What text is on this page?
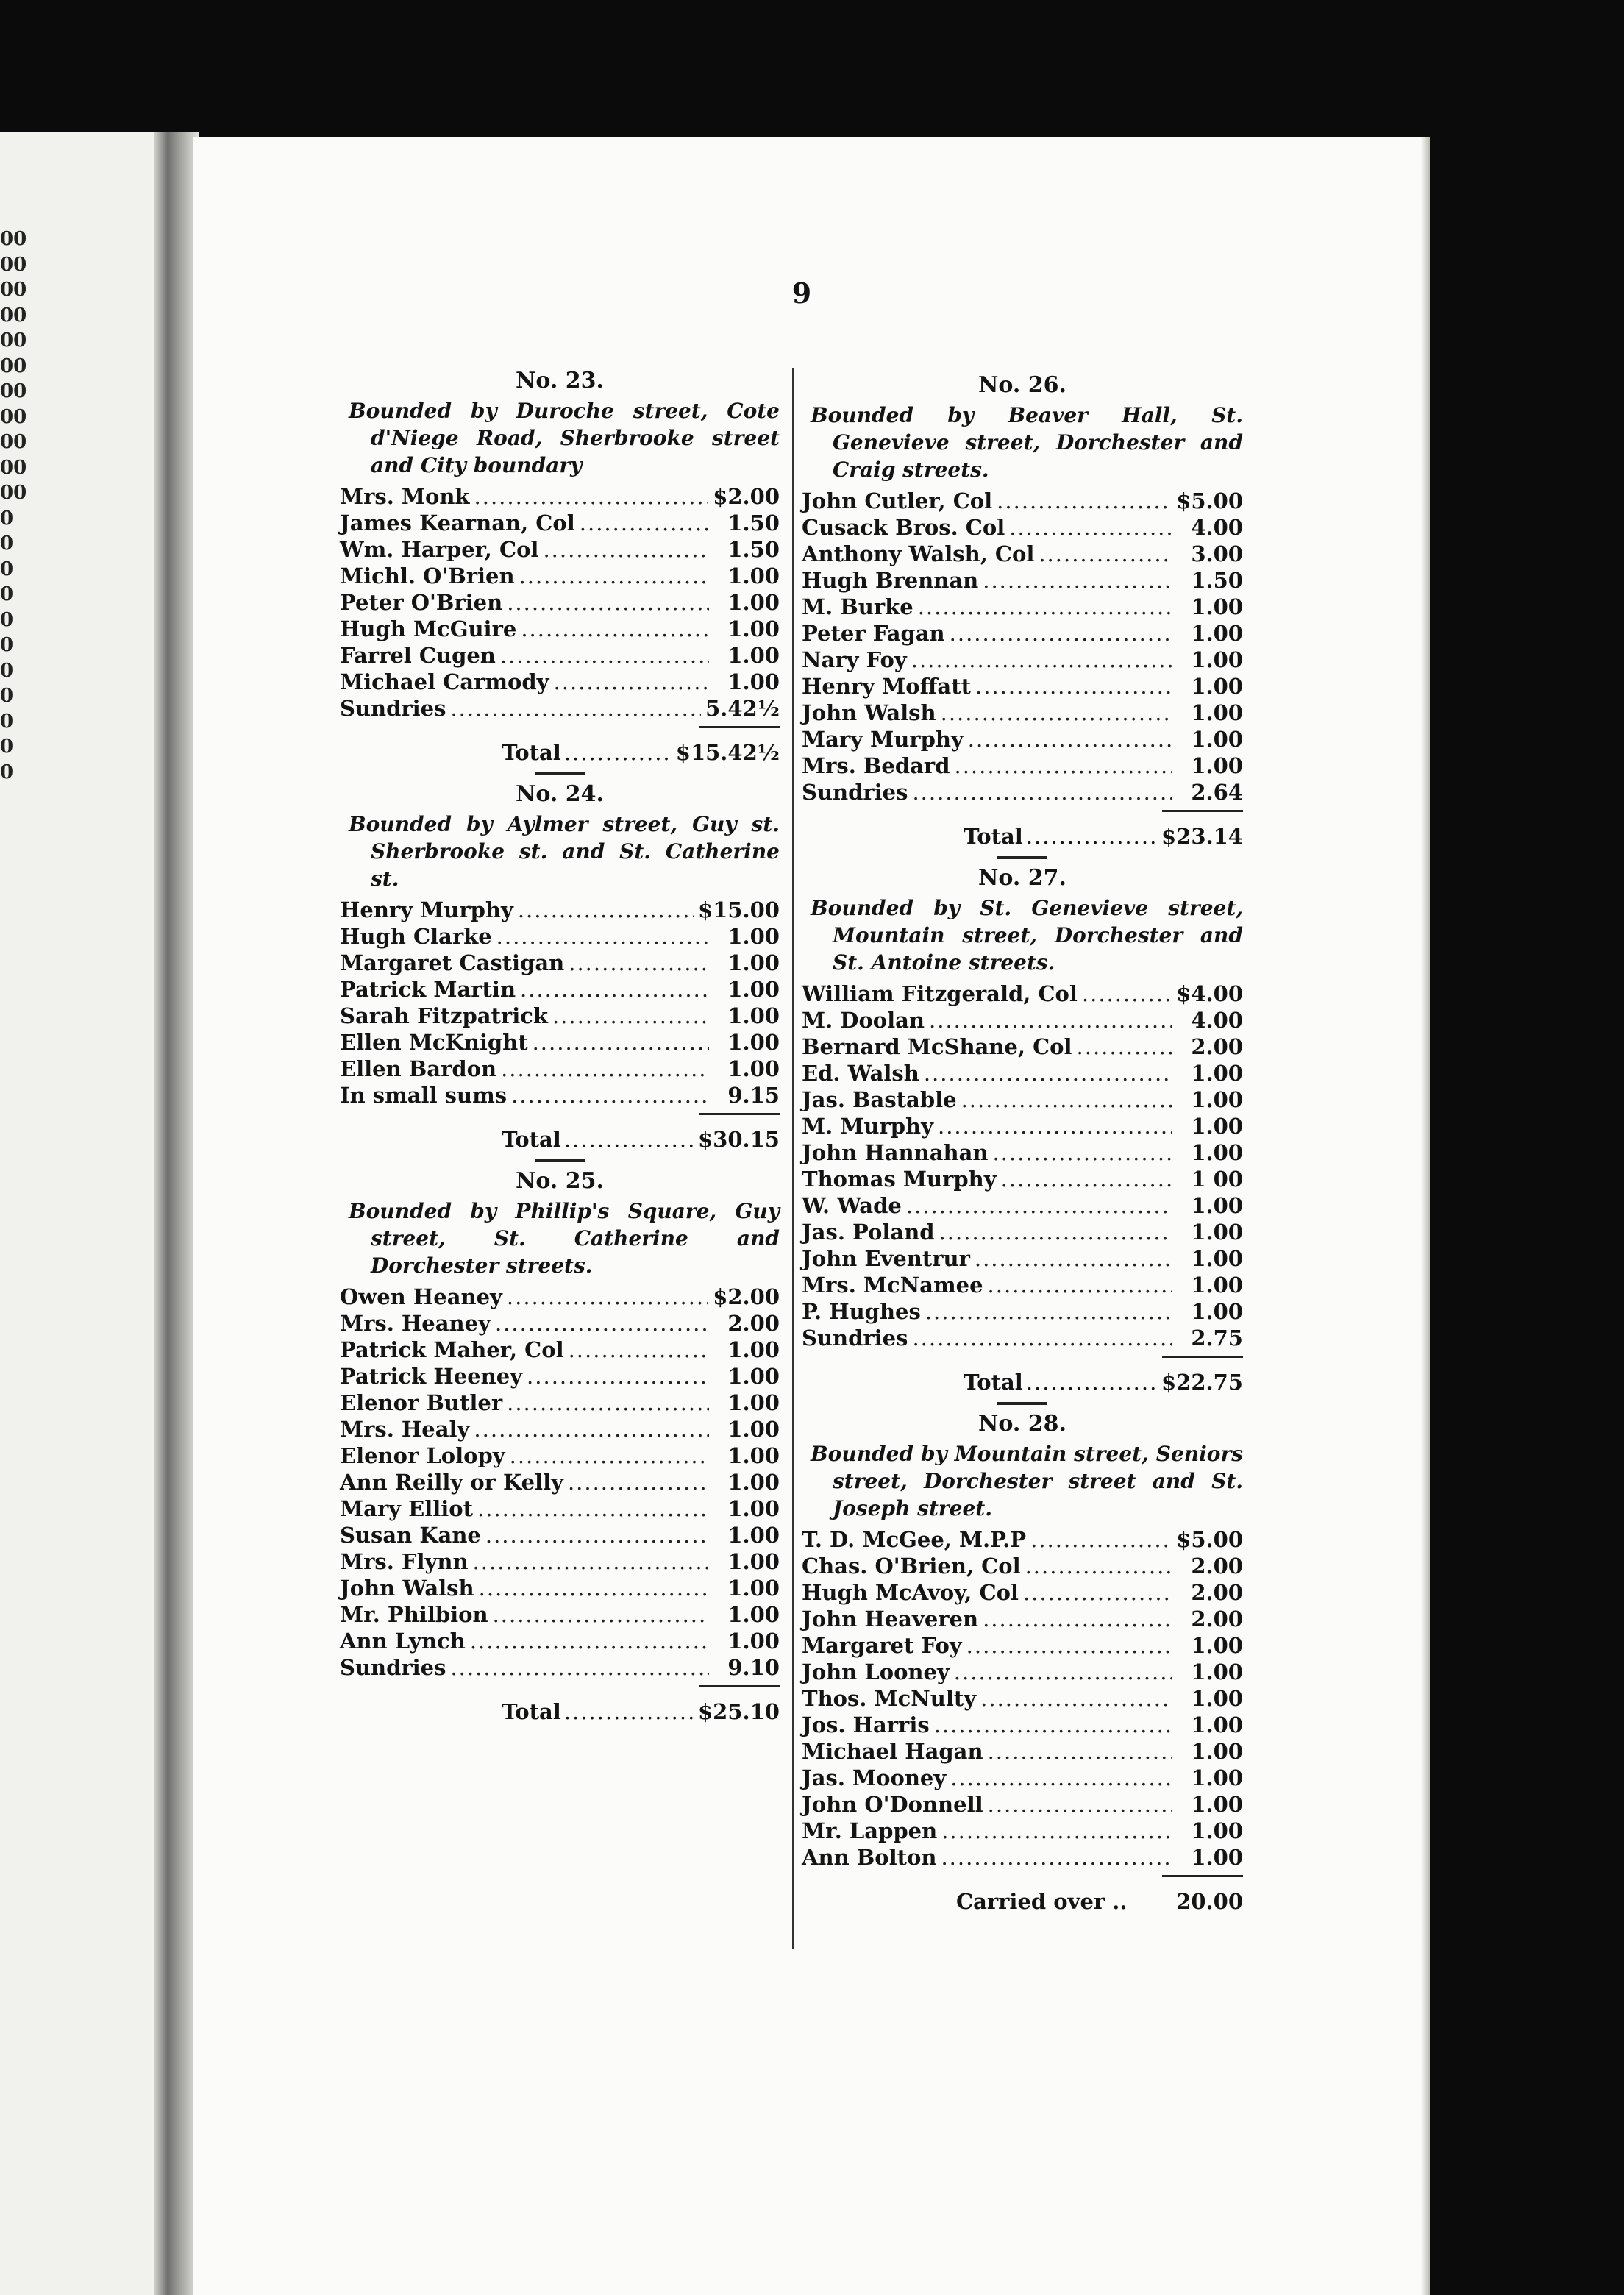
00
00
00
00
00
00
00
00
00
00
00
0
0
0
0
0
0
0
0
0
0
0
9
No. 23.
Bounded by Duroche street, Cote d'Niege Road, Sherbrooke street and City boundary
Mrs. Monk .....	$2.00
James Kearnan, Col .....	1.50
Wm. Harper, Col .....	1.50
Michl. O'Brien .....	1.00
Peter O'Brien .....	1.00
Hugh McGuire .....	1.00
Farrel Cugen .....	1.00
Michael Carmody .....	1.00
Sundries .....	5.42½
Total .....	$15.42½
No. 24.
Bounded by Aylmer street, Guy st. Sherbrooke st. and St. Catherine st.
Henry Murphy .....	$15.00
Hugh Clarke .....	1.00
Margaret Castigan .....	1.00
Patrick Martin .....	1.00
Sarah Fitzpatrick .....	1.00
Ellen McKnight .....	1.00
Ellen Bardon .....	1.00
In small sums .....	9.15
Total .....	$30.15
No. 25.
Bounded by Phillip's Square, Guy street, St. Catherine and Dorchester streets.
Owen Heaney .....	$2.00
Mrs. Heaney .....	2.00
Patrick Maher, Col .....	1.00
Patrick Heeney .....	1.00
Elenor Butler .....	1.00
Mrs. Healy .....	1.00
Elenor Lolopy .....	1.00
Ann Reilly or Kelly .....	1.00
Mary Elliot .....	1.00
Susan Kane .....	1.00
Mrs. Flynn .....	1.00
John Walsh .....	1.00
Mr. Philbion .....	1.00
Ann Lynch .....	1.00
Sundries .....	9.10
Total .....	$25.10
No. 26.
Bounded by Beaver Hall, St. Genevieve street, Dorchester and Craig streets.
John Cutler, Col .....	$5.00
Cusack Bros. Col .....	4.00
Anthony Walsh, Col .....	3.00
Hugh Brennan .....	1.50
M. Burke .....	1.00
Peter Fagan .....	1.00
Nary Foy .....	1.00
Henry Moffatt .....	1.00
John Walsh .....	1.00
Mary Murphy .....	1.00
Mrs. Bedard .....	1.00
Sundries .....	2.64
Total .....	$23.14
No. 27.
Bounded by St. Genevieve street, Mountain street, Dorchester and St. Antoine streets.
William Fitzgerald, Col .....	$4.00
M. Doolan .....	4.00
Bernard McShane, Col .....	2.00
Ed. Walsh .....	1.00
Jas. Bastable .....	1.00
M. Murphy .....	1.00
John Hannahan .....	1.00
Thomas Murphy .....	1 00
W. Wade .....	1.00
Jas. Poland .....	1.00
John Eventrur .....	1.00
Mrs. McNamee .....	1.00
P. Hughes .....	1.00
Sundries .....	2.75
Total .....	$22.75
No. 28.
Bounded by Mountain street, Seniors street, Dorchester street and St. Joseph street.
T. D. McGee, M.P.P .....	$5.00
Chas. O'Brien, Col .....	2.00
Hugh McAvoy, Col .....	2.00
John Heaveren .....	2.00
Margaret Foy .....	1.00
John Looney .....	1.00
Thos. McNulty .....	1.00
Jos. Harris .....	1.00
Michael Hagan .....	1.00
Jas. Mooney .....	1.00
John O'Donnell .....	1.00
Mr. Lappen .....	1.00
Ann Bolton .....	1.00
Carried over .. 20.00
